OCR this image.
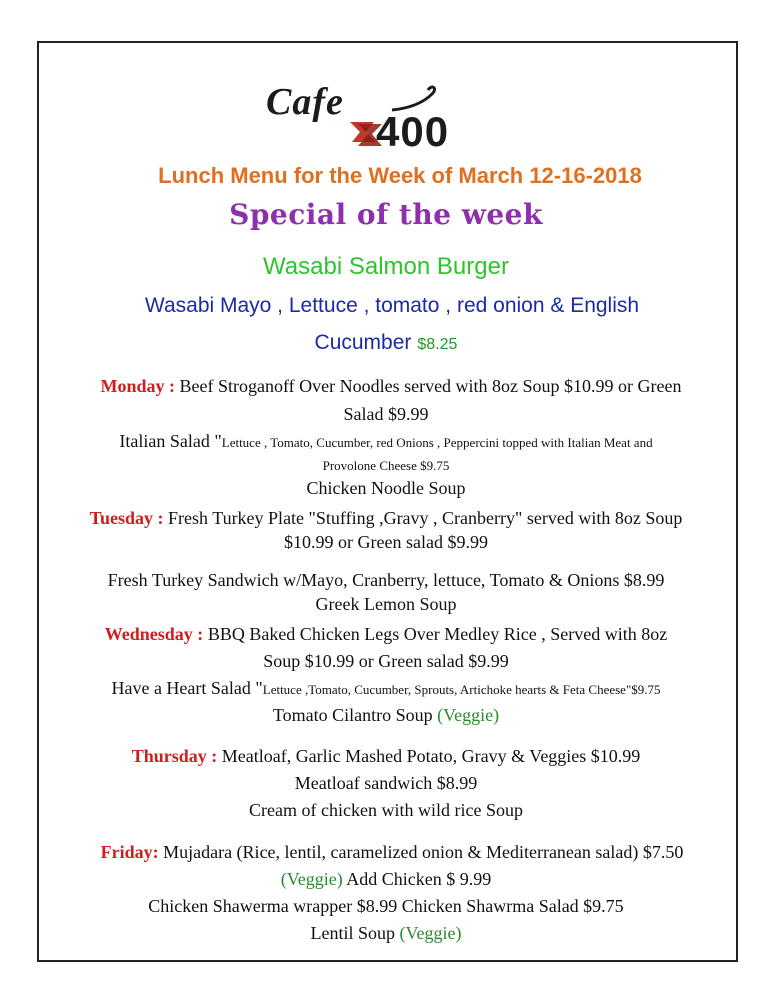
Cafe
400
Lunch Menu for the Week of March 12-16-2018
Special of the week
Wasabi Salmon Burger
Wasabi Mayo , Lettuce , tomato , red onion & English
Cucumber $8.25
Monday : Beef Stroganoff Over Noodles served with 8oz Soup $10.99 or Green
Salad $9.99
Italian Salad "Lettuce , Tomato, Cucumber, red Onions , Peppercini topped with Italian Meat and
Provolone Cheese $9.75
Chicken Noodle Soup
Tuesday : Fresh Turkey Plate "Stuffing ,Gravy , Cranberry" served with 8oz Soup
$10.99 or Green salad $9.99
Fresh Turkey Sandwich w/Mayo, Cranberry, lettuce, Tomato & Onions $8.99
Greek Lemon Soup
Wednesday : BBQ Baked Chicken Legs Over Medley Rice , Served with 8oz
Soup $10.99 or Green salad $9.99
Have a Heart Salad "Lettuce ,Tomato, Cucumber, Sprouts, Artichoke hearts & Feta Cheese"$9.75
Tomato Cilantro Soup (Veggie)
Thursday : Meatloaf, Garlic Mashed Potato, Gravy & Veggies $10.99
Meatloaf sandwich $8.99
Cream of chicken with wild rice Soup
Friday: Mujadara (Rice, lentil, caramelized onion & Mediterranean salad) $7.50
(Veggie) Add Chicken $ 9.99
Chicken Shawerma wrapper $8.99 Chicken Shawrma Salad $9.75
Lentil Soup (Veggie)
